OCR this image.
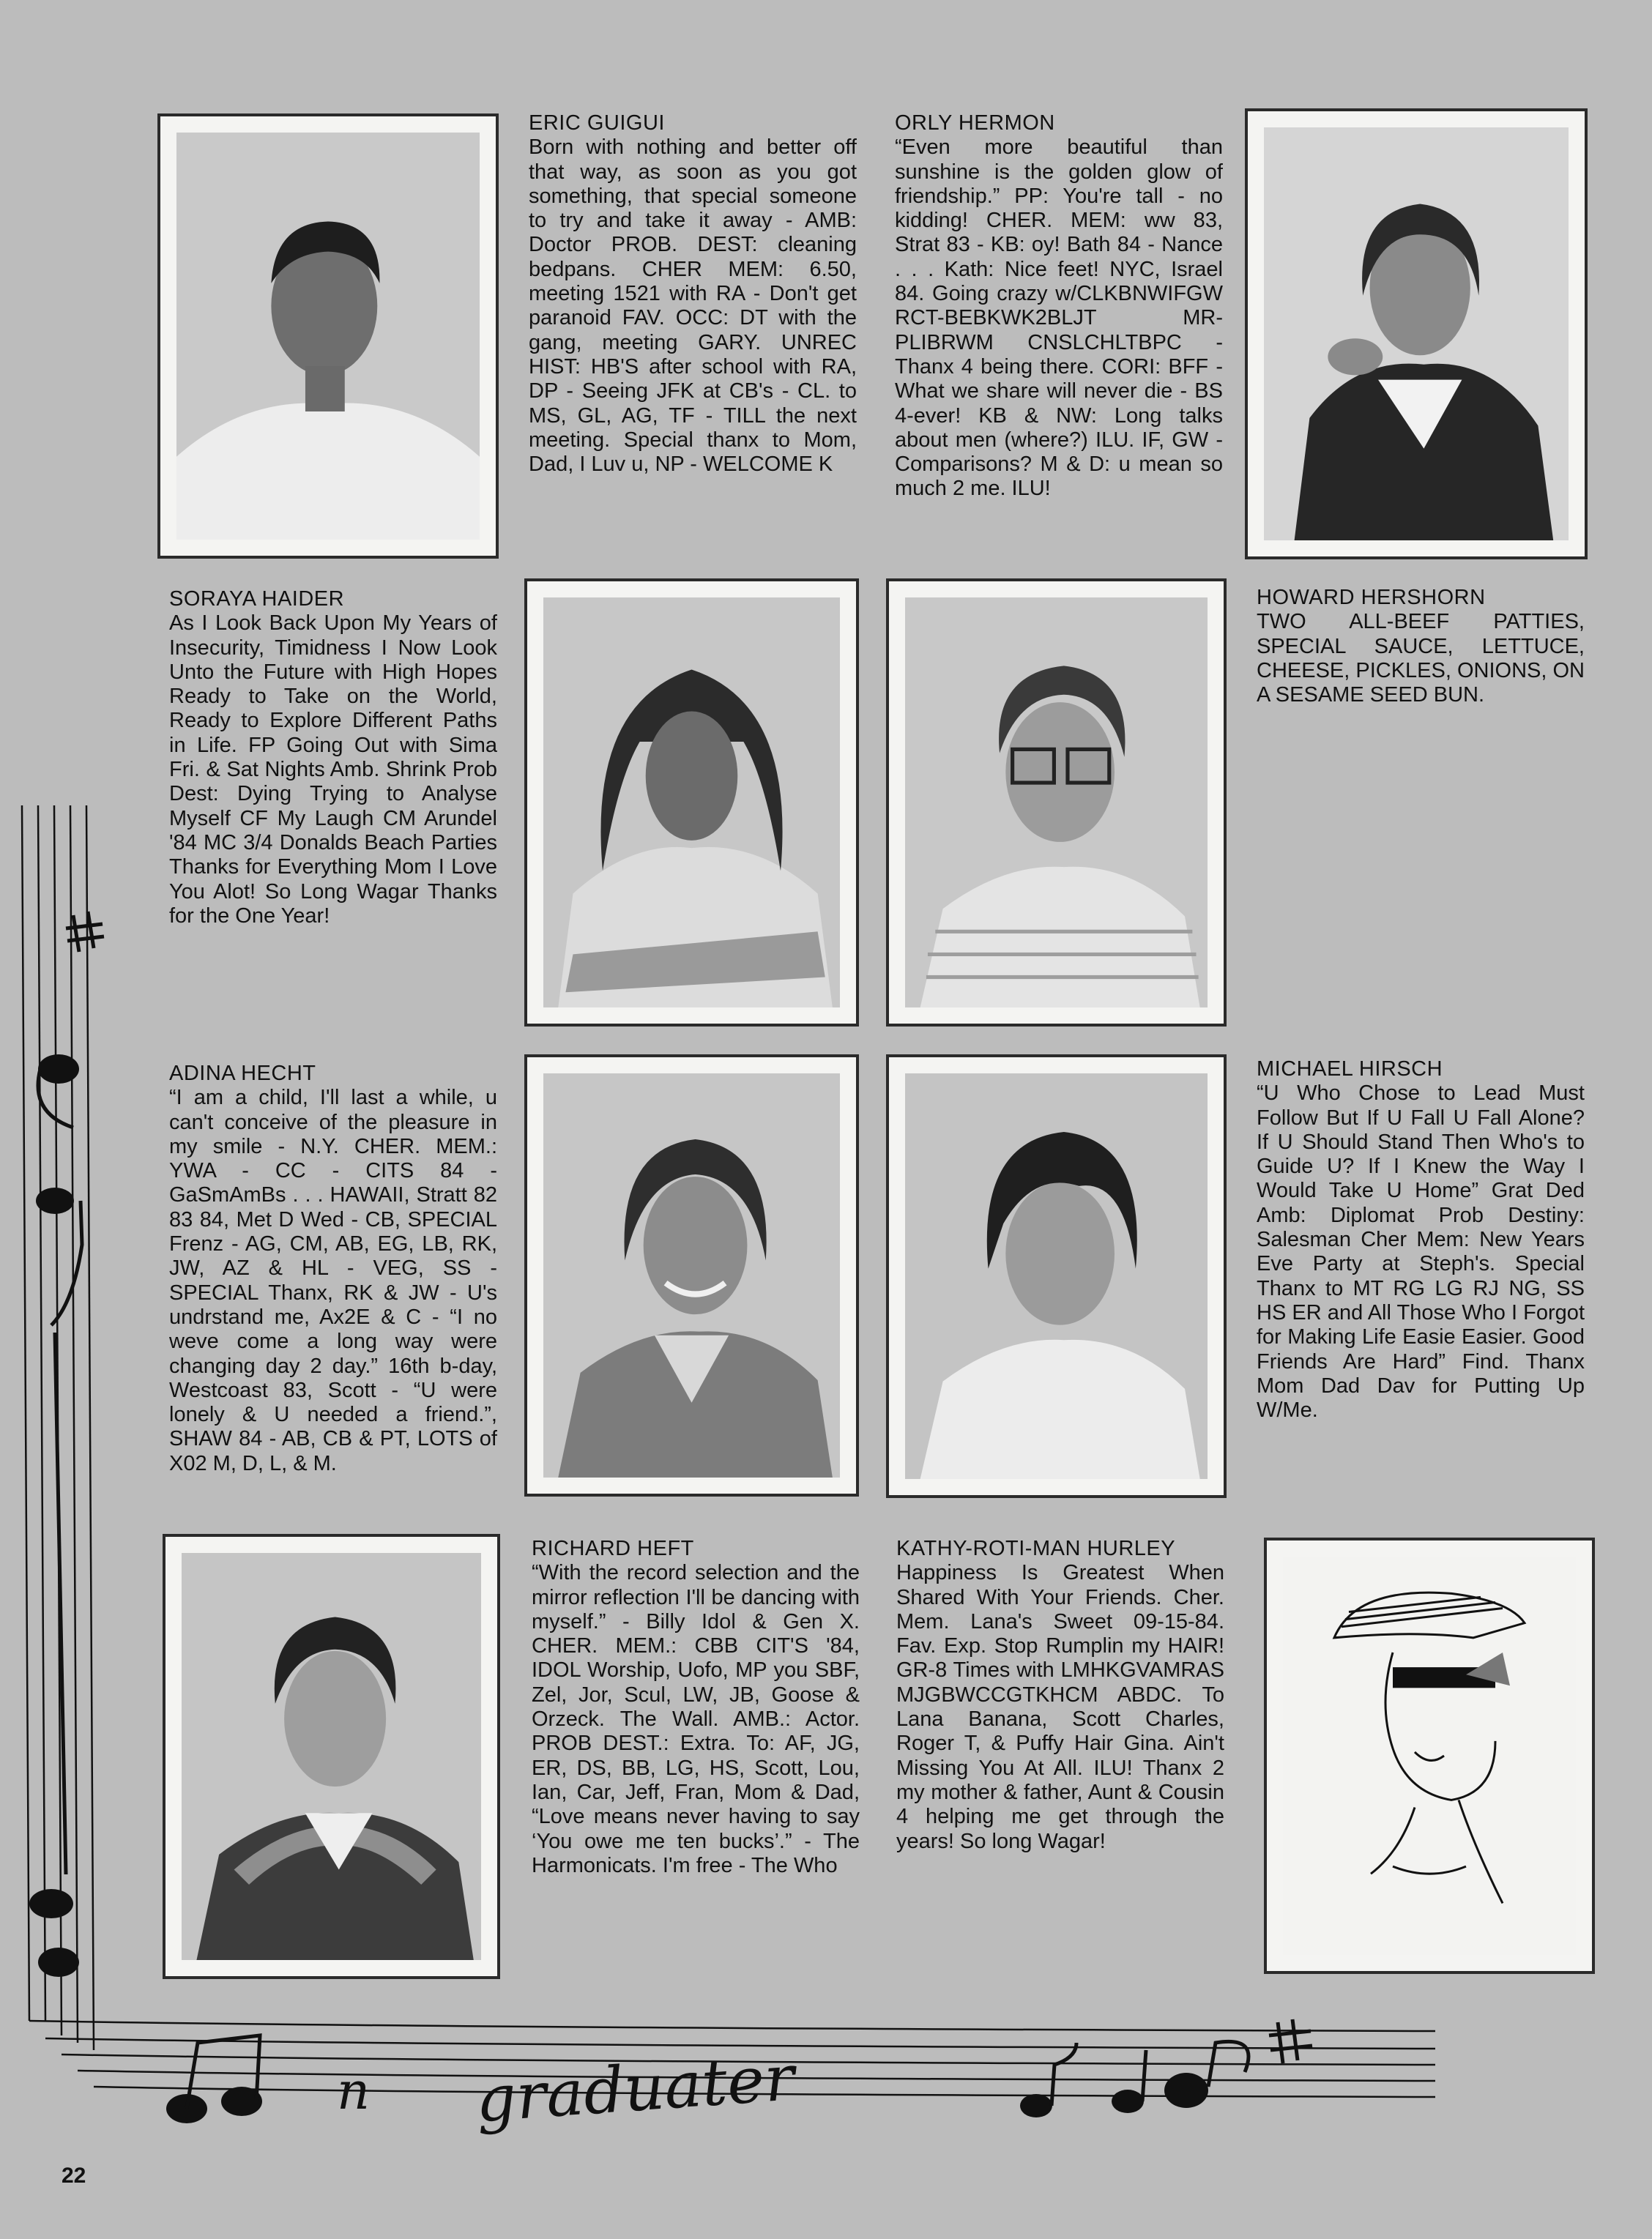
ERIC GUIGUI
Born with nothing and better off that way, as soon as you got something, that special someone to try and take it away - AMB: Doctor PROB. DEST: cleaning bedpans. CHER MEM: 6.50, meeting 1521 with RA - Don't get paranoid FAV. OCC: DT with the gang, meeting GARY. UNREC HIST: HB'S after school with RA, DP - Seeing JFK at CB's - CL. to MS, GL, AG, TF - TILL the next meeting. Special thanx to Mom, Dad, I Luv u, NP - WELCOME K
ORLY HERMON
“Even more beautiful than sunshine is the golden glow of friendship.” PP: You're tall - no kidding! CHER. MEM: ww 83, Strat 83 - KB: oy! Bath 84 - Nance . . . Kath: Nice feet! NYC, Israel 84. Going crazy w/CLKBNWIFGW RCT-BEBKWK2BLJT MR-PLIBRWM CNSLCHLTBPC - Thanx 4 being there. CORI: BFF - What we share will never die - BS 4-ever! KB & NW: Long talks about men (where?) ILU. IF, GW - Comparisons? M & D: u mean so much 2 me. ILU!
SORAYA HAIDER
As I Look Back Upon My Years of Insecurity, Timidness I Now Look Unto the Future with High Hopes Ready to Take on the World, Ready to Explore Different Paths in Life. FP Going Out with Sima Fri. & Sat Nights Amb. Shrink Prob Dest: Dying Trying to Analyse Myself CF My Laugh CM Arundel '84 MC 3/4 Donalds Beach Parties Thanks for Everything Mom I Love You Alot! So Long Wagar Thanks for the One Year!
HOWARD HERSHORN
TWO ALL-BEEF PATTIES, SPECIAL SAUCE, LETTUCE, CHEESE, PICKLES, ONIONS, ON A SESAME SEED BUN.
ADINA HECHT
“I am a child, I'll last a while, u can't conceive of the pleasure in my smile - N.Y. CHER. MEM.: YWA - CC - CITS 84 - GaSmAmBs . . . HAWAII, Stratt 82 83 84, Met D Wed - CB, SPECIAL Frenz - AG, CM, AB, EG, LB, RK, JW, AZ & HL - VEG, SS - SPECIAL Thanx, RK & JW - U's undrstand me, Ax2E & C - “I no weve come a long way were changing day 2 day.” 16th b-day, Westcoast 83, Scott - “U were lonely & U needed a friend.”, SHAW 84 - AB, CB & PT, LOTS of X02 M, D, L, & M.
MICHAEL HIRSCH
“U Who Chose to Lead Must Follow But If U Fall U Fall Alone? If U Should Stand Then Who's to Guide U? If I Knew the Way I Would Take U Home” Grat Ded Amb: Diplomat Prob Destiny: Salesman Cher Mem: New Years Eve Party at Steph's. Special Thanx to MT RG LG RJ NG, SS HS ER and All Those Who I Forgot for Making Life Easie Easier. Good Friends Are Hard” Find. Thanx Mom Dad Dav for Putting Up W/Me.
RICHARD HEFT
“With the record selection and the mirror reflection I'll be dancing with myself.” - Billy Idol & Gen X. CHER. MEM.: CBB CIT'S '84, IDOL Worship, Uofo, MP you SBF, Zel, Jor, Scul, LW, JB, Goose & Orzeck. The Wall. AMB.: Actor. PROB DEST.: Extra. To: AF, JG, ER, DS, BB, LG, HS, Scott, Lou, Ian, Car, Jeff, Fran, Mom & Dad, “Love means never having to say ‘You owe me ten bucks’.” - The Harmonicats. I'm free - The Who
KATHY-ROTI-MAN HURLEY
Happiness Is Greatest When Shared With Your Friends. Cher. Mem. Lana's Sweet 09-15-84. Fav. Exp. Stop Rumplin my HAIR! GR-8 Times with LMHKGVAMRAS MJGBWCCGTKHCM ABDC. To Lana Banana, Scott Charles, Roger T, & Puffy Hair Gina. Ain't Missing You At All. ILU! Thanx 2 my mother & father, Aunt & Cousin 4 helping me get through the years! So long Wagar!
graduater
n
22
